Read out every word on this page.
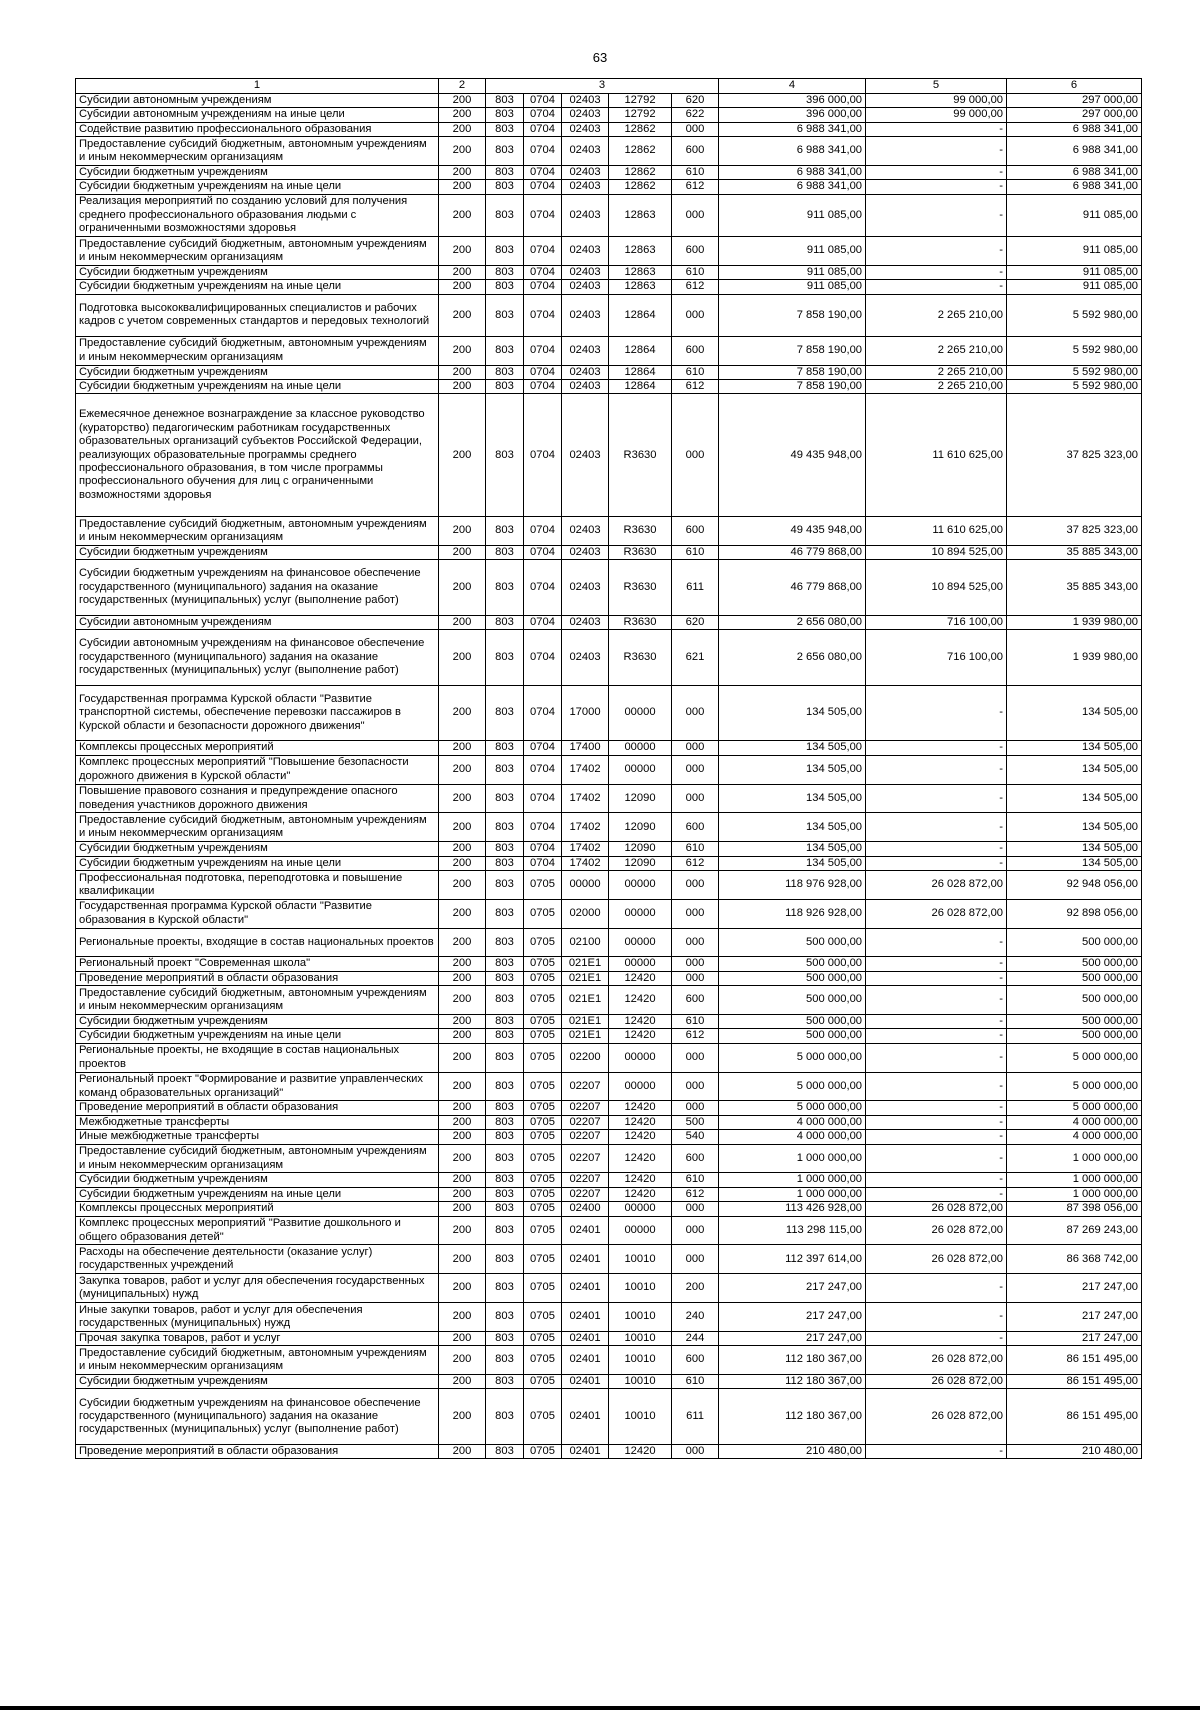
63
1	2	3					4	5	6
Субсидии автономным учреждениям	200	803	0704	02403	12792	620	396 000,00	99 000,00	297 000,00
Субсидии автономным учреждениям на иные цели	200	803	0704	02403	12792	622	396 000,00	99 000,00	297 000,00
Содействие развитию профессионального образования	200	803	0704	02403	12862	000	6 988 341,00	-	6 988 341,00
Предоставление субсидий бюджетным, автономным учреждениям и иным некоммерческим организациям	200	803	0704	02403	12862	600	6 988 341,00	-	6 988 341,00
Субсидии бюджетным учреждениям	200	803	0704	02403	12862	610	6 988 341,00	-	6 988 341,00
Субсидии бюджетным учреждениям на иные цели	200	803	0704	02403	12862	612	6 988 341,00	-	6 988 341,00
Реализация мероприятий по созданию условий для получения среднего профессионального образования людьми с ограниченными возможностями здоровья	200	803	0704	02403	12863	000	911 085,00	-	911 085,00
Предоставление субсидий бюджетным, автономным учреждениям и иным некоммерческим организациям	200	803	0704	02403	12863	600	911 085,00	-	911 085,00
Субсидии бюджетным учреждениям	200	803	0704	02403	12863	610	911 085,00	-	911 085,00
Субсидии бюджетным учреждениям на иные цели	200	803	0704	02403	12863	612	911 085,00	-	911 085,00
Подготовка высококвалифицированных специалистов и рабочих кадров с учетом современных стандартов и передовых технологий	200	803	0704	02403	12864	000	7 858 190,00	2 265 210,00	5 592 980,00
Предоставление субсидий бюджетным, автономным учреждениям и иным некоммерческим организациям	200	803	0704	02403	12864	600	7 858 190,00	2 265 210,00	5 592 980,00
Субсидии бюджетным учреждениям	200	803	0704	02403	12864	610	7 858 190,00	2 265 210,00	5 592 980,00
Субсидии бюджетным учреждениям на иные цели	200	803	0704	02403	12864	612	7 858 190,00	2 265 210,00	5 592 980,00
Ежемесячное денежное вознаграждение за классное руководство (кураторство) педагогическим работникам государственных образовательных организаций субъектов Российской Федерации, реализующих образовательные программы среднего профессионального образования, в том числе программы профессионального обучения для лиц с ограниченными возможностями здоровья	200	803	0704	02403	R3630	000	49 435 948,00	11 610 625,00	37 825 323,00
Предоставление субсидий бюджетным, автономным учреждениям и иным некоммерческим организациям	200	803	0704	02403	R3630	600	49 435 948,00	11 610 625,00	37 825 323,00
Субсидии бюджетным учреждениям	200	803	0704	02403	R3630	610	46 779 868,00	10 894 525,00	35 885 343,00
Субсидии бюджетным учреждениям на финансовое обеспечение государственного (муниципального) задания на оказание государственных (муниципальных) услуг (выполнение работ)	200	803	0704	02403	R3630	611	46 779 868,00	10 894 525,00	35 885 343,00
Субсидии автономным учреждениям	200	803	0704	02403	R3630	620	2 656 080,00	716 100,00	1 939 980,00
Субсидии автономным учреждениям на финансовое обеспечение государственного (муниципального) задания на оказание государственных (муниципальных) услуг (выполнение работ)	200	803	0704	02403	R3630	621	2 656 080,00	716 100,00	1 939 980,00
Государственная программа Курской области "Развитие транспортной системы, обеспечение перевозки пассажиров в Курской области и безопасности дорожного движения"	200	803	0704	17000	00000	000	134 505,00	-	134 505,00
Комплексы процессных мероприятий	200	803	0704	17400	00000	000	134 505,00	-	134 505,00
Комплекс процессных мероприятий "Повышение безопасности дорожного движения в Курской области"	200	803	0704	17402	00000	000	134 505,00	-	134 505,00
Повышение правового сознания и предупреждение опасного поведения участников дорожного движения	200	803	0704	17402	12090	000	134 505,00	-	134 505,00
Предоставление субсидий бюджетным, автономным учреждениям и иным некоммерческим организациям	200	803	0704	17402	12090	600	134 505,00	-	134 505,00
Субсидии бюджетным учреждениям	200	803	0704	17402	12090	610	134 505,00	-	134 505,00
Субсидии бюджетным учреждениям на иные цели	200	803	0704	17402	12090	612	134 505,00	-	134 505,00
Профессиональная подготовка, переподготовка и повышение квалификации	200	803	0705	00000	00000	000	118 976 928,00	26 028 872,00	92 948 056,00
Государственная программа Курской области "Развитие образования в Курской области"	200	803	0705	02000	00000	000	118 926 928,00	26 028 872,00	92 898 056,00
Региональные проекты, входящие в состав национальных проектов	200	803	0705	02100	00000	000	500 000,00	-	500 000,00
Региональный проект "Современная школа"	200	803	0705	021E1	00000	000	500 000,00	-	500 000,00
Проведение мероприятий в области образования	200	803	0705	021E1	12420	000	500 000,00	-	500 000,00
Предоставление субсидий бюджетным, автономным учреждениям и иным некоммерческим организациям	200	803	0705	021E1	12420	600	500 000,00	-	500 000,00
Субсидии бюджетным учреждениям	200	803	0705	021E1	12420	610	500 000,00	-	500 000,00
Субсидии бюджетным учреждениям на иные цели	200	803	0705	021E1	12420	612	500 000,00	-	500 000,00
Региональные проекты, не входящие в состав национальных проектов	200	803	0705	02200	00000	000	5 000 000,00	-	5 000 000,00
Региональный проект "Формирование и развитие управленческих команд образовательных организаций"	200	803	0705	02207	00000	000	5 000 000,00	-	5 000 000,00
Проведение мероприятий в области образования	200	803	0705	02207	12420	000	5 000 000,00	-	5 000 000,00
Межбюджетные трансферты	200	803	0705	02207	12420	500	4 000 000,00	-	4 000 000,00
Иные межбюджетные трансферты	200	803	0705	02207	12420	540	4 000 000,00	-	4 000 000,00
Предоставление субсидий бюджетным, автономным учреждениям и иным некоммерческим организациям	200	803	0705	02207	12420	600	1 000 000,00	-	1 000 000,00
Субсидии бюджетным учреждениям	200	803	0705	02207	12420	610	1 000 000,00	-	1 000 000,00
Субсидии бюджетным учреждениям на иные цели	200	803	0705	02207	12420	612	1 000 000,00	-	1 000 000,00
Комплексы процессных мероприятий	200	803	0705	02400	00000	000	113 426 928,00	26 028 872,00	87 398 056,00
Комплекс процессных мероприятий "Развитие дошкольного и общего образования детей"	200	803	0705	02401	00000	000	113 298 115,00	26 028 872,00	87 269 243,00
Расходы на обеспечение деятельности (оказание услуг) государственных учреждений	200	803	0705	02401	10010	000	112 397 614,00	26 028 872,00	86 368 742,00
Закупка товаров, работ и услуг для обеспечения государственных (муниципальных) нужд	200	803	0705	02401	10010	200	217 247,00	-	217 247,00
Иные закупки товаров, работ и услуг для обеспечения государственных (муниципальных) нужд	200	803	0705	02401	10010	240	217 247,00	-	217 247,00
Прочая закупка товаров, работ и услуг	200	803	0705	02401	10010	244	217 247,00	-	217 247,00
Предоставление субсидий бюджетным, автономным учреждениям и иным некоммерческим организациям	200	803	0705	02401	10010	600	112 180 367,00	26 028 872,00	86 151 495,00
Субсидии бюджетным учреждениям	200	803	0705	02401	10010	610	112 180 367,00	26 028 872,00	86 151 495,00
Субсидии бюджетным учреждениям на финансовое обеспечение государственного (муниципального) задания на оказание государственных (муниципальных) услуг (выполнение работ)	200	803	0705	02401	10010	611	112 180 367,00	26 028 872,00	86 151 495,00
Проведение мероприятий в области образования	200	803	0705	02401	12420	000	210 480,00	-	210 480,00
